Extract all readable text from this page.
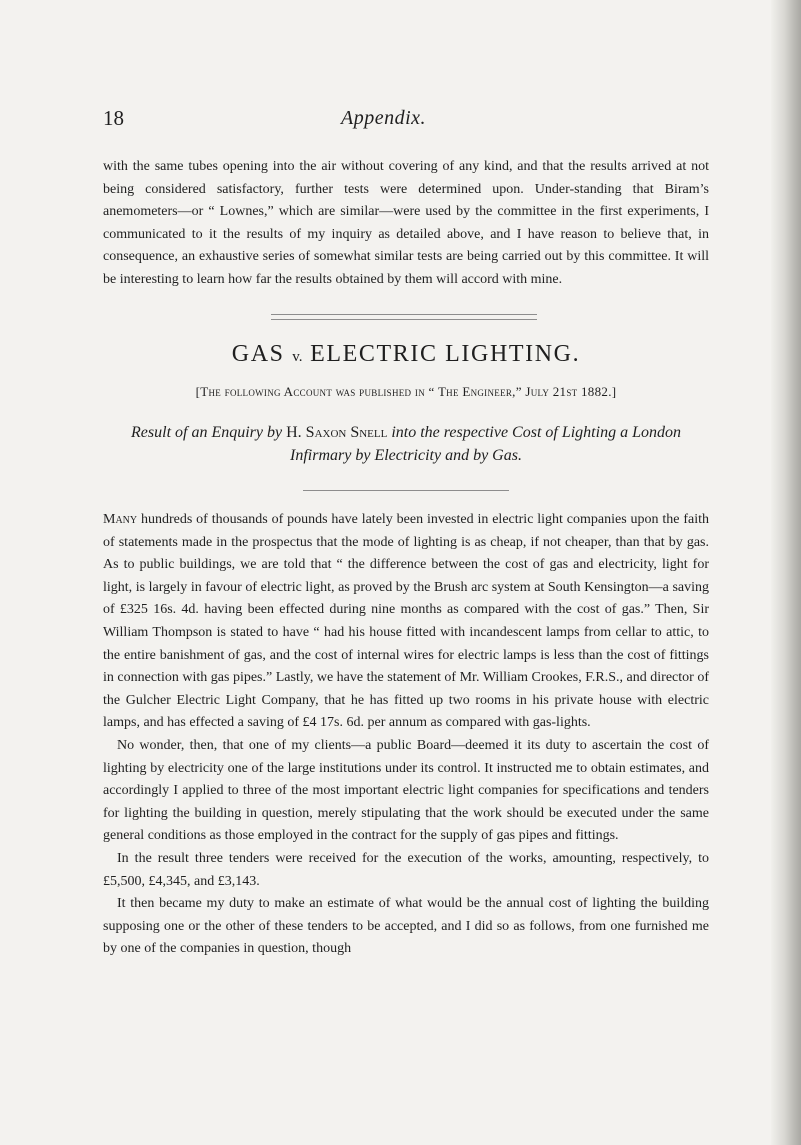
18	Appendix.
with the same tubes opening into the air without covering of any kind, and that the results arrived at not being considered satisfactory, further tests were determined upon. Under-standing that Biram’s anemometers—or “ Lownes,” which are similar—were used by the committee in the first experiments, I communicated to it the results of my inquiry as detailed above, and I have reason to believe that, in consequence, an exhaustive series of somewhat similar tests are being carried out by this committee. It will be interesting to learn how far the results obtained by them will accord with mine.
GAS v. ELECTRIC LIGHTING.
[The following Account was published in “ The Engineer,” July 21st 1882.]
Result of an Enquiry by H. Saxon Snell into the respective Cost of Lighting a London Infirmary by Electricity and by Gas.

Many hundreds of thousands of pounds have lately been invested in electric light companies upon the faith of statements made in the prospectus that the mode of lighting is as cheap, if not cheaper, than that by gas. As to public buildings, we are told that “ the difference between the cost of gas and electricity, light for light, is largely in favour of electric light, as proved by the Brush arc system at South Kensington—a saving of £325 16s. 4d. having been effected during nine months as compared with the cost of gas.” Then, Sir William Thompson is stated to have “ had his house fitted with incandescent lamps from cellar to attic, to the entire banishment of gas, and the cost of internal wires for electric lamps is less than the cost of fittings in connection with gas pipes.” Lastly, we have the statement of Mr. William Crookes, F.R.S., and director of the Gulcher Electric Light Company, that he has fitted up two rooms in his private house with electric lamps, and has effected a saving of £4 17s. 6d. per annum as compared with gas-lights.

No wonder, then, that one of my clients—a public Board—deemed it its duty to ascertain the cost of lighting by electricity one of the large institutions under its control. It instructed me to obtain estimates, and accordingly I applied to three of the most important electric light companies for specifications and tenders for lighting the building in question, merely stipulating that the work should be executed under the same general conditions as those employed in the contract for the supply of gas pipes and fittings.

In the result three tenders were received for the execution of the works, amounting, respectively, to £5,500, £4,345, and £3,143.

It then became my duty to make an estimate of what would be the annual cost of lighting the building supposing one or the other of these tenders to be accepted, and I did so as follows, from one furnished me by one of the companies in question, though
